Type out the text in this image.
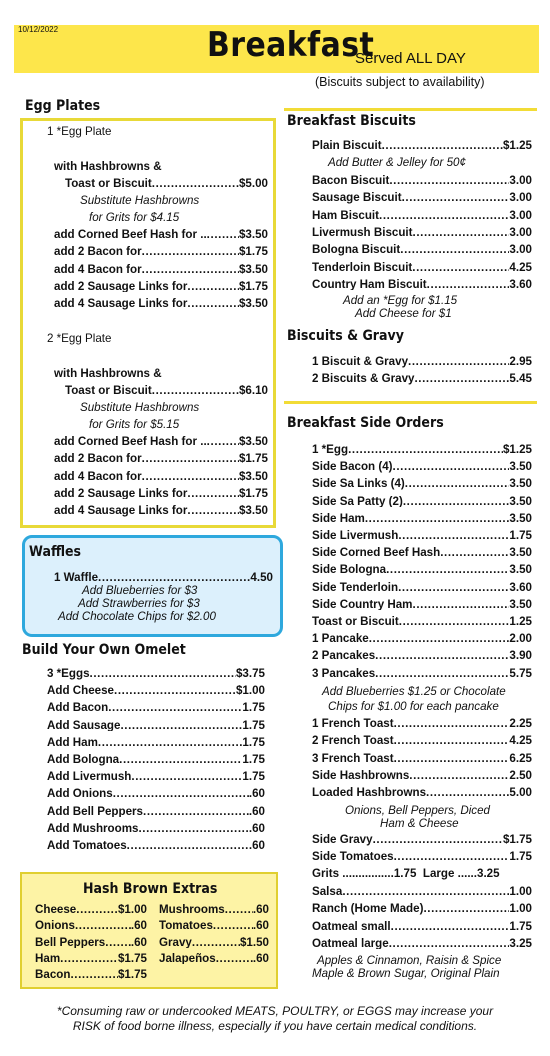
10/12/2022	Breakfast
Served ALL DAY
(Biscuits subject to availability)
Egg Plates
Waffles
Build Your Own Omelet
Hash Brown Extras
Breakfast Biscuits
Biscuits & Gravy
Breakfast Side Orders
1 *Egg Plate
with Hashbrowns &
Toast or Biscuit .....	$5.00
Substitute Hashbrowns
for Grits for $4.15
add Corned Beef Hash for .. .....	$3.50
add 2 Bacon for .....	$1.75
add 4 Bacon for .....	$3.50
add 2 Sausage Links for .....	$1.75
add 4 Sausage Links for .....	$3.50
2 *Egg Plate
with Hashbrowns &
Toast or Biscuit .....	$6.10
Substitute Hashbrowns
for Grits for $5.15
add Corned Beef Hash for .. .....	$3.50
add 2 Bacon for .....	$1.75
add 4 Bacon for .....	$3.50
add 2 Sausage Links for .....	$1.75
add 4 Sausage Links for .....	$3.50
1 Waffle .....	4.50
Add Blueberries for $3
Add Strawberries for $3
Add Chocolate Chips for $2.00
3 *Eggs .....	$3.75
Add Cheese .....	$1.00
Add Bacon .....	1.75
Add Sausage .....	1.75
Add Ham .....	1.75
Add Bologna .....	1.75
Add Livermush .....	1.75
Add Onions .....	.60
Add Bell Peppers .....	.60
Add Mushrooms .....	.60
Add Tomatoes .....	.60
Cheese .....	$1.00
Onions .....	.60
Bell Peppers ..... .60
Ham .....	$1.75
Bacon .....	$1.75
Mushrooms ..... .60
Tomatoes .....	.60
Gravy .....	$1.50
Jalapeños .....	.60
Plain Biscuit .....	$1.25
Add Butter & Jelley for 50¢
Bacon Biscuit .....	3.00
Sausage Biscuit .....	3.00
Ham Biscuit .....	3.00
Livermush Biscuit .....	3.00
Bologna Biscuit .....	3.00
Tenderloin Biscuit .....	4.25
Country Ham Biscuit .....	3.60
Add an *Egg for $1.15
Add Cheese for $1
1 Biscuit & Gravy .....	2.95
2 Biscuits & Gravy .....	5.45
1 *Egg .....	$1.25
Side Bacon (4) .....	3.50
Side Sa Links (4) .....	3.50
Side Sa Patty (2) .....	3.50
Side Ham .....	3.50
Side Livermush .....	1.75
Side Corned Beef Hash .....	3.50
Side Bologna .....	3.50
Side Tenderloin .....	3.60
Side Country Ham .....	3.50
Toast or Biscuit .....	1.25
1 Pancake .....	2.00
2 Pancakes .....	3.90
3 Pancakes .....	5.75
Add Blueberries $1.25 or Chocolate
Chips for $1.00 for each pancake
1 French Toast .....	2.25
2 French Toast .....	4.25
3 French Toast .....	6.25
Side Hashbrowns .....	2.50
Loaded Hashbrowns .....	5.00
Onions, Bell Peppers, Diced
Ham & Cheese
Side Gravy .....	$1.75
Side Tomatoes .....	1.75
Grits ................1.75 Large ......3.25
Salsa .....	1.00
Ranch (Home Made) .....	1.00
Oatmeal small .....	1.75
Oatmeal large .....	3.25
Apples & Cinnamon, Raisin & Spice
Maple & Brown Sugar, Original Plain
*Consuming raw or undercooked MEATS, POULTRY, or EGGS may increase your
RISK of food borne illness, especially if you have certain medical conditions.
